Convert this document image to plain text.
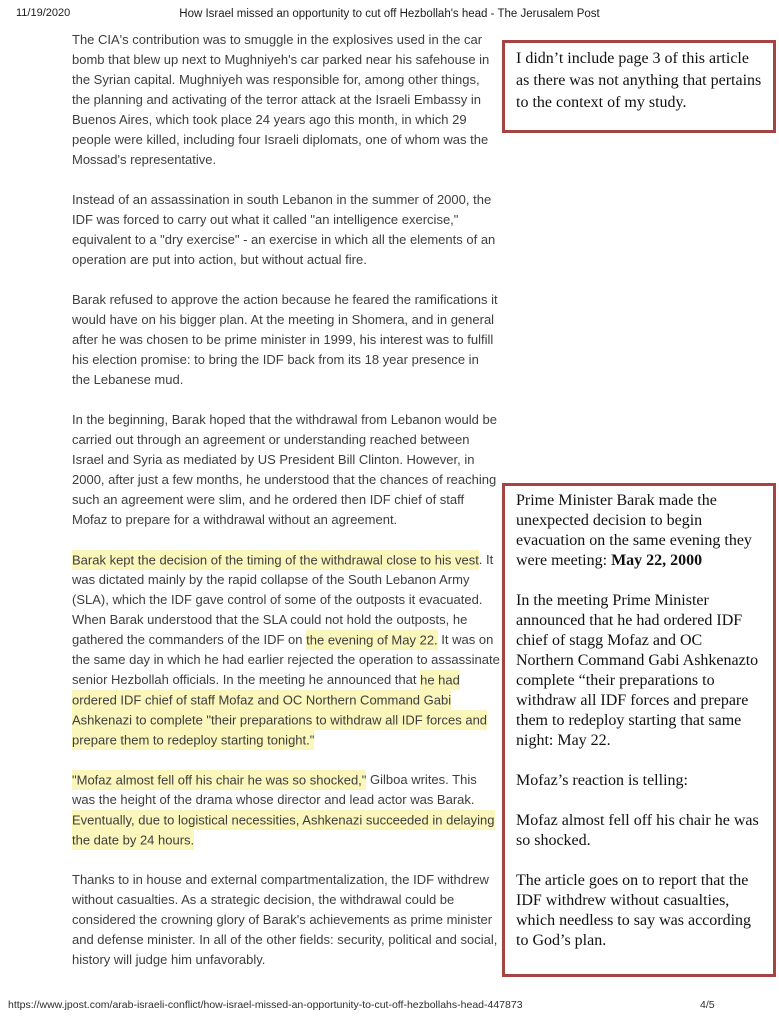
11/19/2020	How Israel missed an opportunity to cut off Hezbollah's head - The Jerusalem Post

The CIA's contribution was to smuggle in the explosives used in the car bomb that blew up next to Mughniyeh's car parked near his safehouse in the Syrian capital. Mughniyeh was responsible for, among other things, the planning and activating of the terror attack at the Israeli Embassy in Buenos Aires, which took place 24 years ago this month, in which 29 people were killed, including four Israeli diplomats, one of whom was the Mossad's representative.

Instead of an assassination in south Lebanon in the summer of 2000, the IDF was forced to carry out what it called "an intelligence exercise," equivalent to a "dry exercise" - an exercise in which all the elements of an operation are put into action, but without actual fire.

Barak refused to approve the action because he feared the ramifications it would have on his bigger plan. At the meeting in Shomera, and in general after he was chosen to be prime minister in 1999, his interest was to fulfill his election promise: to bring the IDF back from its 18 year presence in the Lebanese mud.

In the beginning, Barak hoped that the withdrawal from Lebanon would be carried out through an agreement or understanding reached between Israel and Syria as mediated by US President Bill Clinton. However, in 2000, after just a few months, he understood that the chances of reaching such an agreement were slim, and he ordered then IDF chief of staff Mofaz to prepare for a withdrawal without an agreement.

Barak kept the decision of the timing of the withdrawal close to his vest. It was dictated mainly by the rapid collapse of the South Lebanon Army (SLA), which the IDF gave control of some of the outposts it evacuated. When Barak understood that the SLA could not hold the outposts, he gathered the commanders of the IDF on the evening of May 22. It was on the same day in which he had earlier rejected the operation to assassinate senior Hezbollah officials. In the meeting he announced that he had ordered IDF chief of staff Mofaz and OC Northern Command Gabi Ashkenazi to complete "their preparations to withdraw all IDF forces and prepare them to redeploy starting tonight."

"Mofaz almost fell off his chair he was so shocked," Gilboa writes. This was the height of the drama whose director and lead actor was Barak. Eventually, due to logistical necessities, Ashkenazi succeeded in delaying the date by 24 hours.

Thanks to in house and external compartmentalization, the IDF withdrew without casualties. As a strategic decision, the withdrawal could be considered the crowning glory of Barak's achievements as prime minister and defense minister. In all of the other fields: security, political and social, history will judge him unfavorably.

I didn’t include page 3 of this article as there was not anything that pertains to the context of my study.

Prime Minister Barak made the unexpected decision to begin evacuation on the same evening they were meeting: May 22, 2000

In the meeting Prime Minister announced that he had ordered IDF chief of stagg Mofaz and OC Northern Command Gabi Ashkenazto complete “their preparations to withdraw all IDF forces and prepare them to redeploy starting that same night: May 22.

Mofaz’s reaction is telling:

Mofaz almost fell off his chair he was so shocked.

The article goes on to report that the IDF withdrew without casualties, which needless to say was according to God’s plan.

https://www.jpost.com/arab-israeli-conflict/how-israel-missed-an-opportunity-to-cut-off-hezbollahs-head-447873	4/5
